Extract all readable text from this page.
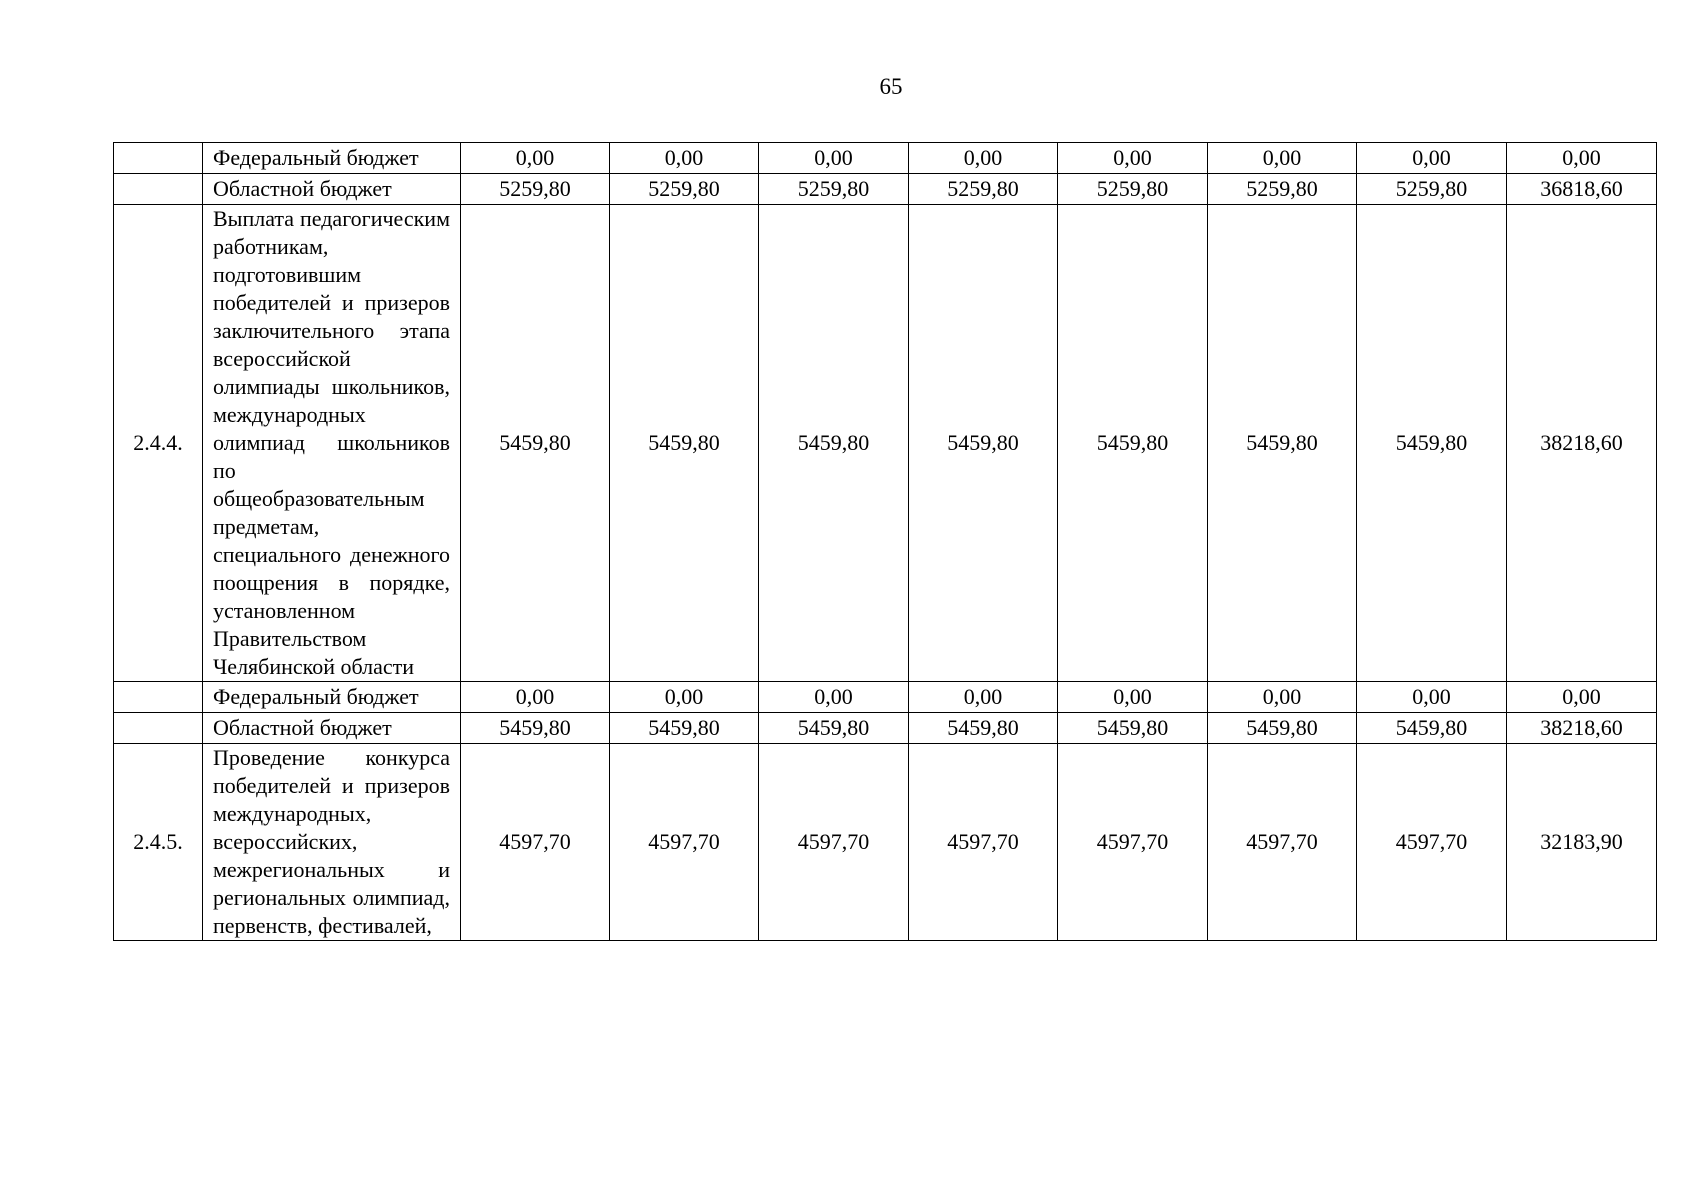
65
	Федеральный бюджет	0,00	0,00	0,00	0,00	0,00	0,00	0,00	0,00
	Областной бюджет	5259,80	5259,80	5259,80	5259,80	5259,80	5259,80	5259,80	36818,60
2.4.4.	Выплата педагогическим работникам, подготовившим победителей и призеров заключительного этапа всероссийской олимпиады школьников, международных олимпиад школьников по общеобразовательным предметам, специального денежного поощрения в порядке, установленном Правительством Челябинской области	5459,80	5459,80	5459,80	5459,80	5459,80	5459,80	5459,80	38218,60
	Федеральный бюджет	0,00	0,00	0,00	0,00	0,00	0,00	0,00	0,00
	Областной бюджет	5459,80	5459,80	5459,80	5459,80	5459,80	5459,80	5459,80	38218,60
2.4.5.	Проведение конкурса победителей и призеров международных, всероссийских, межрегиональных и региональных олимпиад, первенств, фестивалей,	4597,70	4597,70	4597,70	4597,70	4597,70	4597,70	4597,70	32183,90
